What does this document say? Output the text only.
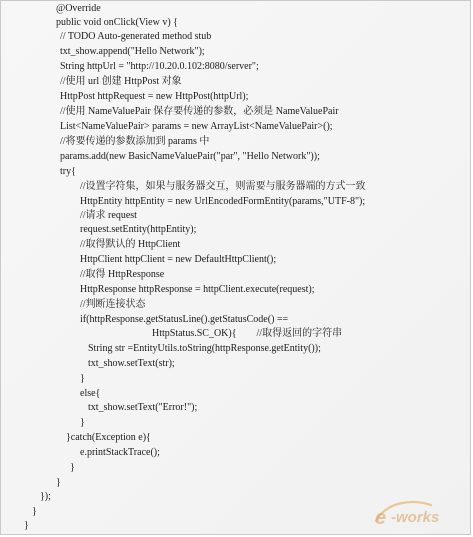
@Override
public void onClick(View v) {
// TODO Auto-generated method stub
txt_show.append("Hello Network");
String httpUrl = "http://10.20.0.102:8080/server";
//使用 url 创建 HttpPost 对象
HttpPost httpRequest = new HttpPost(httpUrl);
//使用 NameValuePair 保存要传递的参数，必须是 NameValuePair
List<NameValuePair> params = new ArrayList<NameValuePair>();
//将要传递的参数添加到 params 中
params.add(new BasicNameValuePair("par", "Hello Network"));
try{
//设置字符集，如果与服务器交互，则需要与服务器端的方式一致
HttpEntity httpEntity = new UrlEncodedFormEntity(params,"UTF-8");
//请求 request
request.setEntity(httpEntity);
//取得默认的 HttpClient
HttpClient httpClient = new DefaultHttpClient();
//取得 HttpResponse
HttpResponse httpResponse = httpClient.execute(request);
//判断连接状态
if(httpResponse.getStatusLine().getStatusCode() ==
HttpStatus.SC_OK){        //取得返回的字符串
String str =EntityUtils.toString(httpResponse.getEntity());
txt_show.setText(str);
}
else{
txt_show.setText("Error!");
}
}catch(Exception e){
e.printStackTrace();
}
}
});
}
}	e -works
